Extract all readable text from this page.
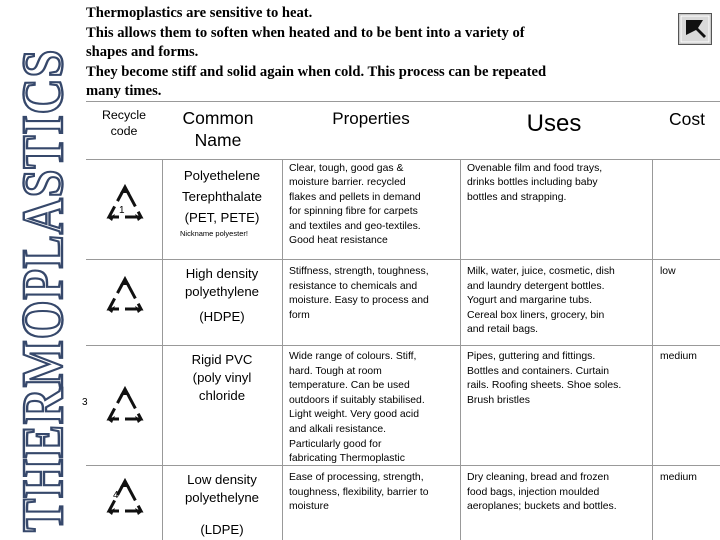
THERMOPLASTICS
Thermoplastics are sensitive to heat.
This allows them to soften when heated and to be bent into a variety of
shapes and forms.
They become stiff and solid again when cold. This process can be repeated
many times.
Recycle
code
Common
Name
Properties	Uses	Cost
1
Polyethelene
Terephthalate
(PET, PETE)
Nickname polyester!
Clear, tough, good gas &
moisture barrier. recycled
flakes and pellets in demand
for spinning fibre for carpets
and textiles and geo-textiles.
Good heat resistance
Ovenable film and food trays,
drinks bottles including baby
bottles and strapping.
High density
polyethylene
(HDPE)
Stiffness, strength, toughness,
resistance to chemicals and
moisture. Easy to process and
form
Milk, water, juice, cosmetic, dish
and laundry detergent bottles.
Yogurt and margarine tubs.
Cereal box liners, grocery, bin
and retail bags.
low
3
Rigid PVC
(poly vinyl
chloride
Wide range of colours. Stiff,
hard. Tough at room
temperature. Can be used
outdoors if suitably stabilised.
Light weight. Very good acid
and alkali resistance.
Particularly good for
fabricating Thermoplastic
Pipes, guttering and fittings.
Bottles and containers. Curtain
rails. Roofing sheets. Shoe soles.
Brush bristles
medium
4
Low density
polyethelyne
(LDPE)
Ease of processing, strength,
toughness, flexibility, barrier to
moisture
Dry cleaning, bread and frozen
food bags, injection moulded
aeroplanes; buckets and bottles.
medium
